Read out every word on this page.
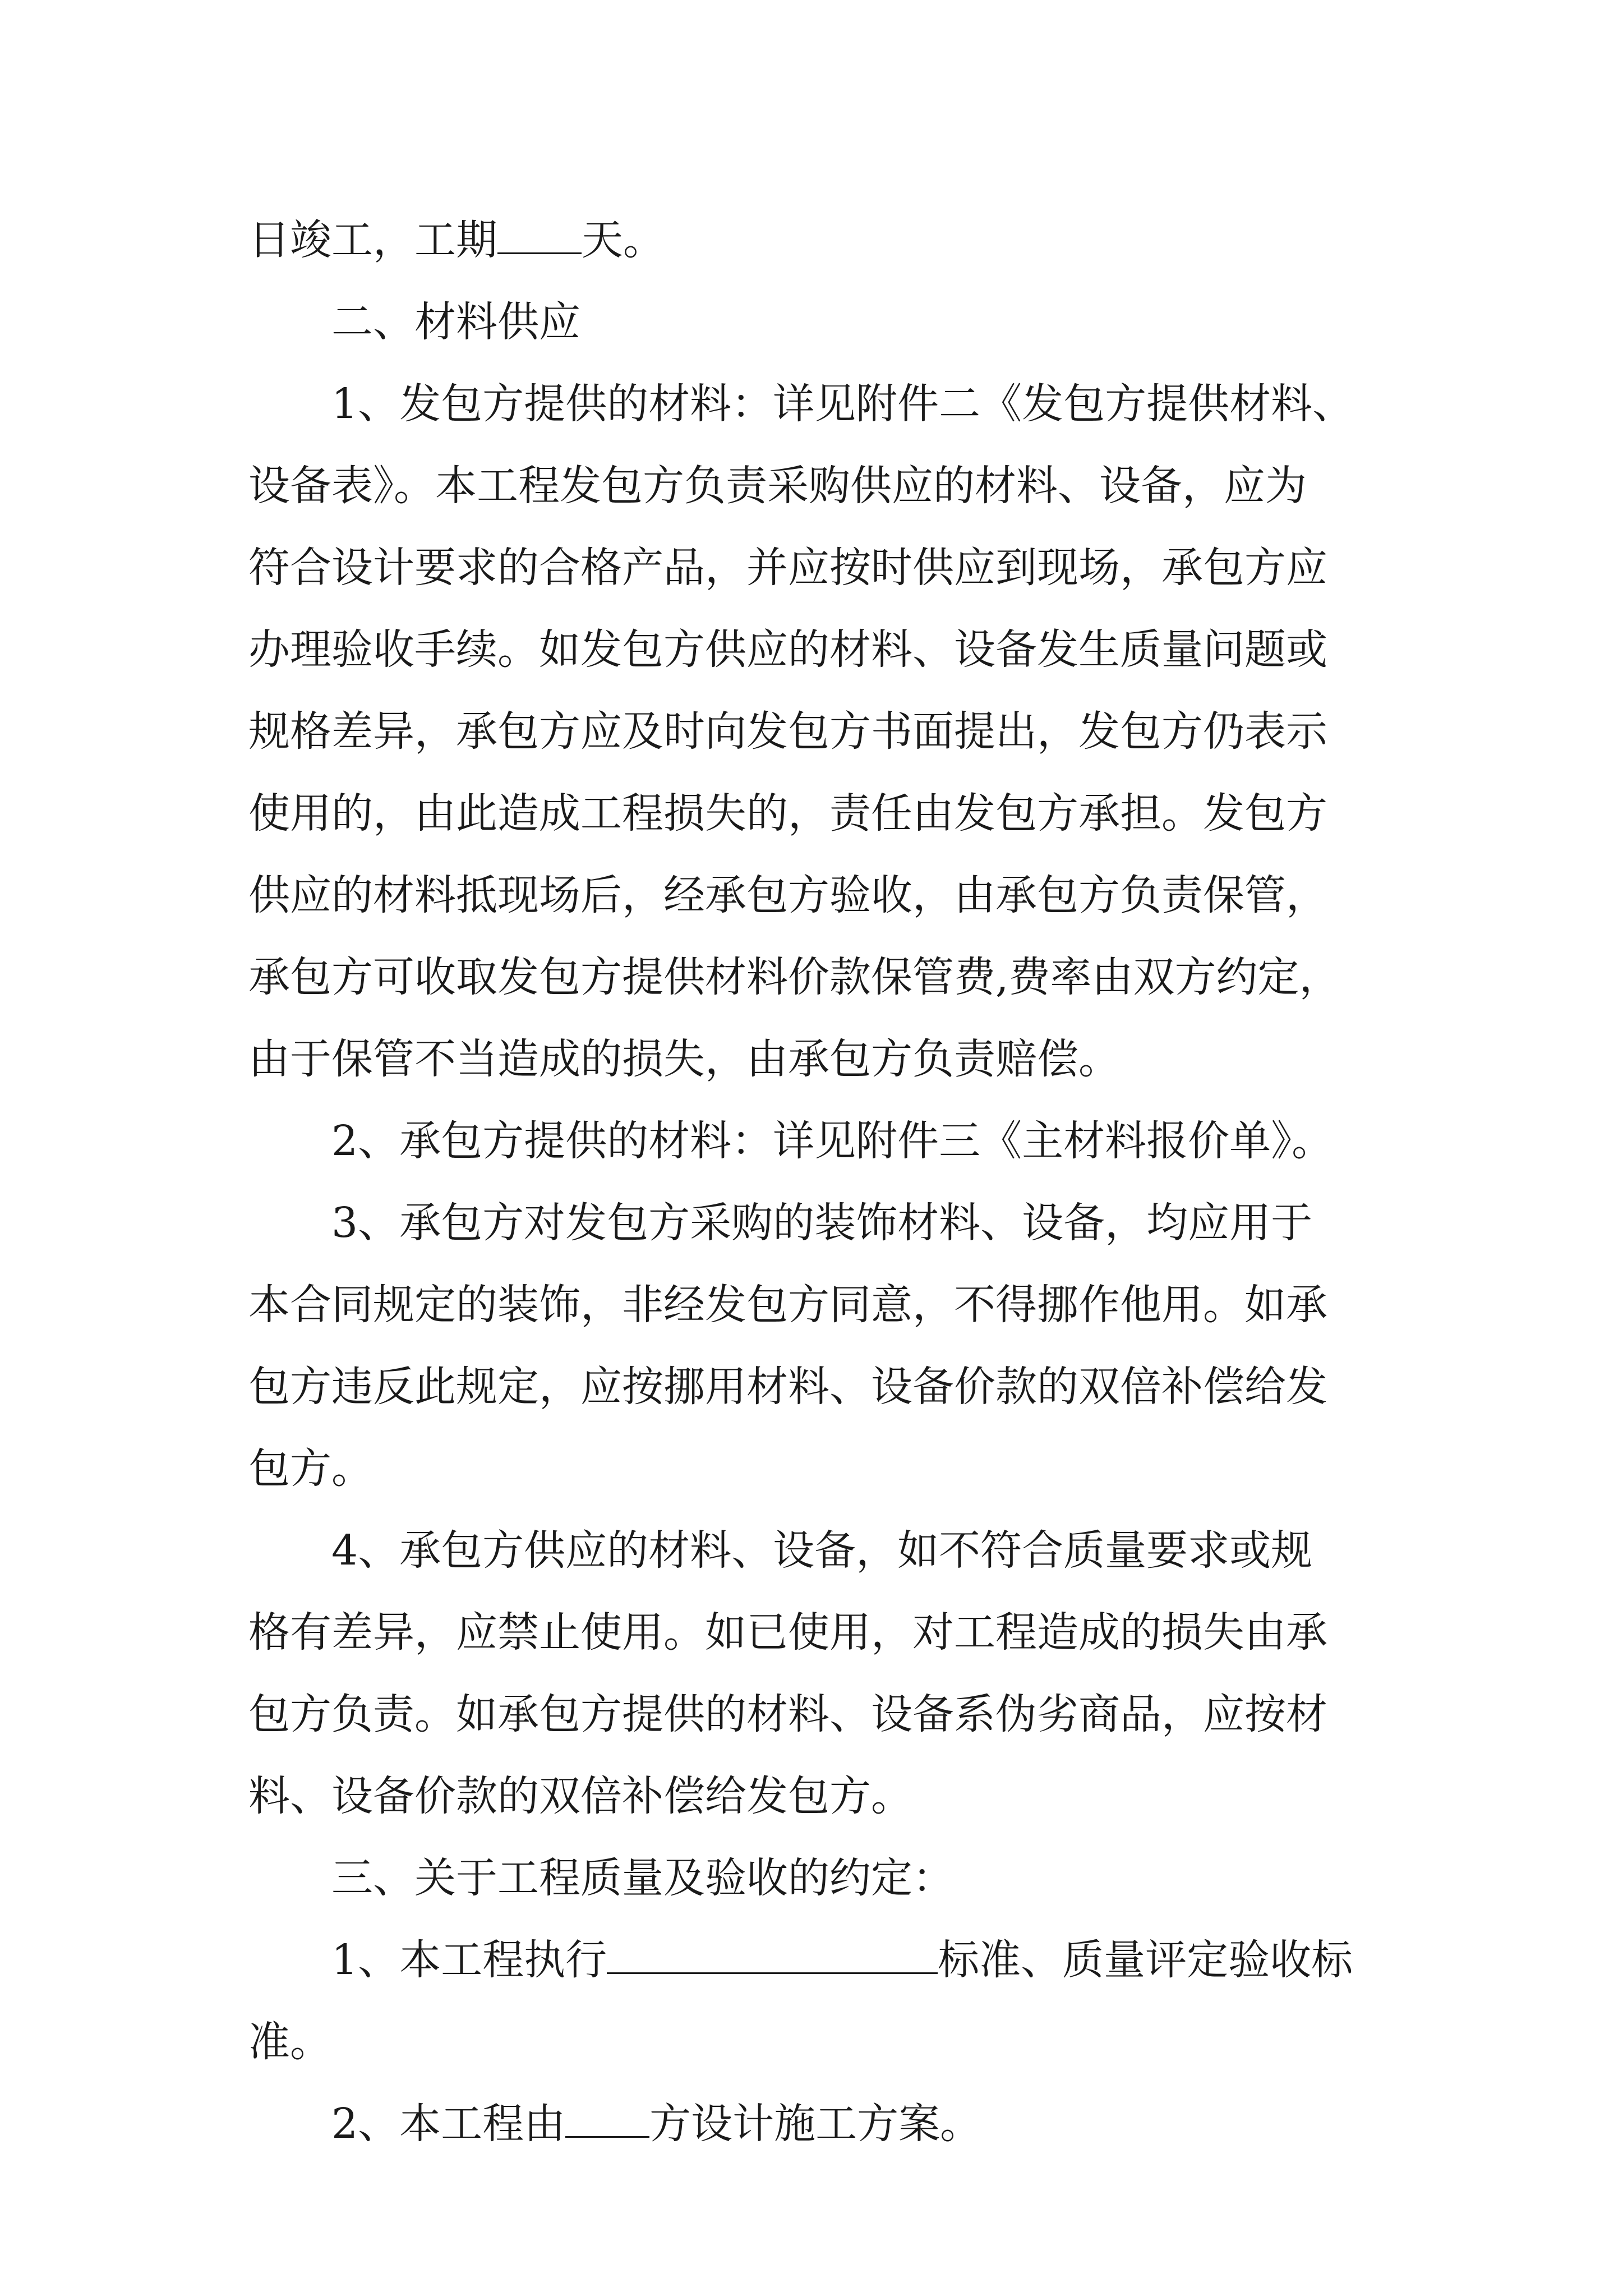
日竣工，工期 天。
二、材料供应
1、发包方提供的材料：详见附件二《发包方提供材料、
设备表》。本工程发包方负责采购供应的材料、设备，应为
符合设计要求的合格产品，并应按时供应到现场，承包方应
办理验收手续。如发包方供应的材料、设备发生质量问题或
规格差异，承包方应及时向发包方书面提出，发包方仍表示
使用的，由此造成工程损失的，责任由发包方承担。发包方
供应的材料抵现场后，经承包方验收，由承包方负责保管，
承包方可收取发包方提供材料价款保管费,费率由双方约定，
由于保管不当造成的损失，由承包方负责赔偿。
2、承包方提供的材料：详见附件三《主材料报价单》。
3、承包方对发包方采购的装饰材料、设备，均应用于
本合同规定的装饰，非经发包方同意，不得挪作他用。如承
包方违反此规定，应按挪用材料、设备价款的双倍补偿给发
包方。
4、承包方供应的材料、设备，如不符合质量要求或规
格有差异，应禁止使用。如已使用，对工程造成的损失由承
包方负责。如承包方提供的材料、设备系伪劣商品，应按材
料、设备价款的双倍补偿给发包方。
三、关于工程质量及验收的约定：
1、本工程执行	标准、质量评定验收标
准。
2、本工程由 方设计施工方案。
